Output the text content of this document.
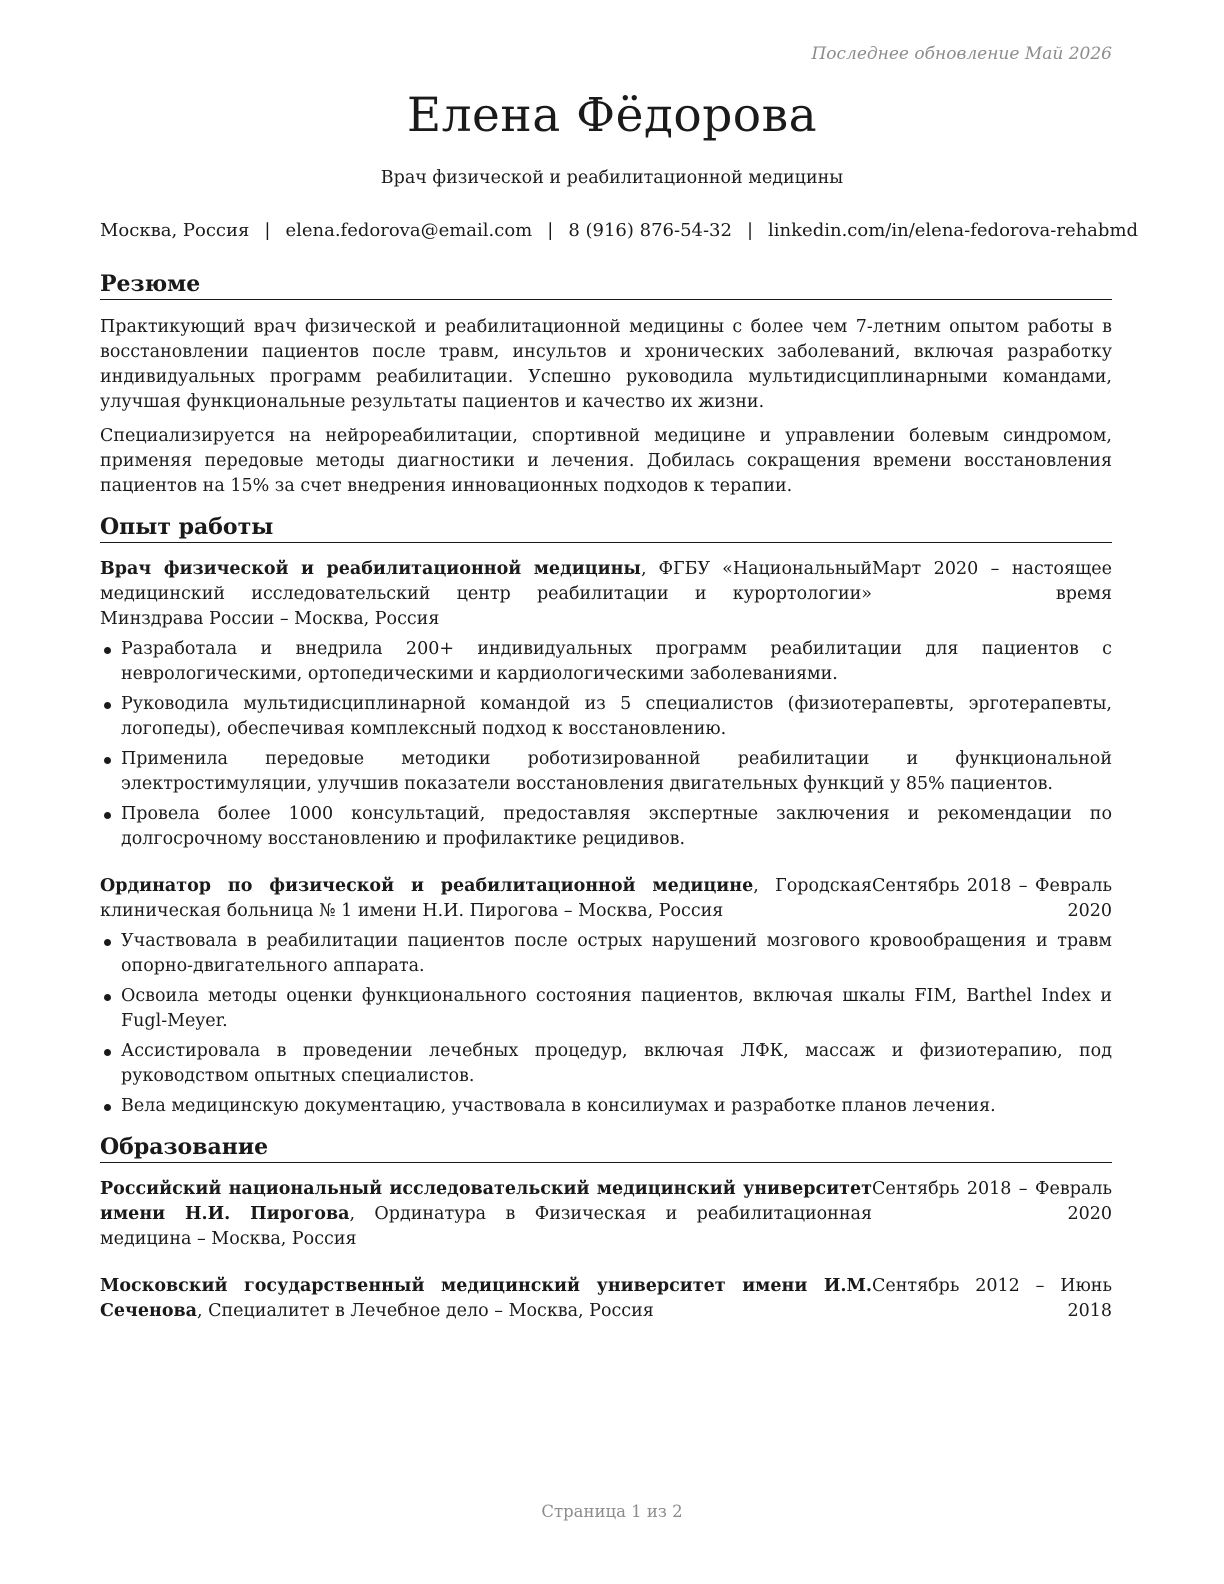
Последнее обновление Май 2026
Елена Фёдорова
Врач физической и реабилитационной медицины
Москва, Россия | elena.fedorova@email.com | 8 (916) 876-54-32 | linkedin.com/in/elena-fedorova-rehabmd
Резюме

Практикующий врач физической и реабилитационной медицины с более чем 7-летним опытом работы в восстановлении пациентов после травм, инсультов и хронических заболеваний, включая разработку индивидуальных программ реабилитации. Успешно руководила мультидисциплинарными командами, улучшая функциональные результаты пациентов и качество их жизни.

Специализируется на нейрореабилитации, спортивной медицине и управлении болевым синдромом, применяя передовые методы диагностики и лечения. Добилась сокращения времени восстановления пациентов на 15% за счет внедрения инновационных подходов к терапии.

Опыт работы
Врач физической и реабилитационной медицины, ФГБУ «Национальный медицинский исследовательский центр реабилитации и курортологии» Минздрава России – Москва, Россия
Март 2020 – настоящее время
Разработала и внедрила 200+ индивидуальных программ реабилитации для пациентов с неврологическими, ортопедическими и кардиологическими заболеваниями.
Руководила мультидисциплинарной командой из 5 специалистов (физиотерапевты, эрготерапевты, логопеды), обеспечивая комплексный подход к восстановлению.
Применила передовые методики роботизированной реабилитации и функциональной электростимуляции, улучшив показатели восстановления двигательных функций у 85% пациентов.
Провела более 1000 консультаций, предоставляя экспертные заключения и рекомендации по долгосрочному восстановлению и профилактике рецидивов.
Ординатор по физической и реабилитационной медицине, Городская клиническая больница № 1 имени Н.И. Пирогова – Москва, Россия
Сентябрь 2018 – Февраль 2020
Участвовала в реабилитации пациентов после острых нарушений мозгового кровообращения и травм опорно-двигательного аппарата.
Освоила методы оценки функционального состояния пациентов, включая шкалы FIM, Barthel Index и Fugl-Meyer.
Ассистировала в проведении лечебных процедур, включая ЛФК, массаж и физиотерапию, под руководством опытных специалистов.
Вела медицинскую документацию, участвовала в консилиумах и разработке планов лечения.
Образование
Российский национальный исследовательский медицинский университет имени Н.И. Пирогова, Ординатура в Физическая и реабилитационная медицина – Москва, Россия
Сентябрь 2018 – Февраль 2020
Московский государственный медицинский университет имени И.М. Сеченова, Специалитет в Лечебное дело – Москва, Россия
Сентябрь 2012 – Июнь 2018
Страница 1 из 2
